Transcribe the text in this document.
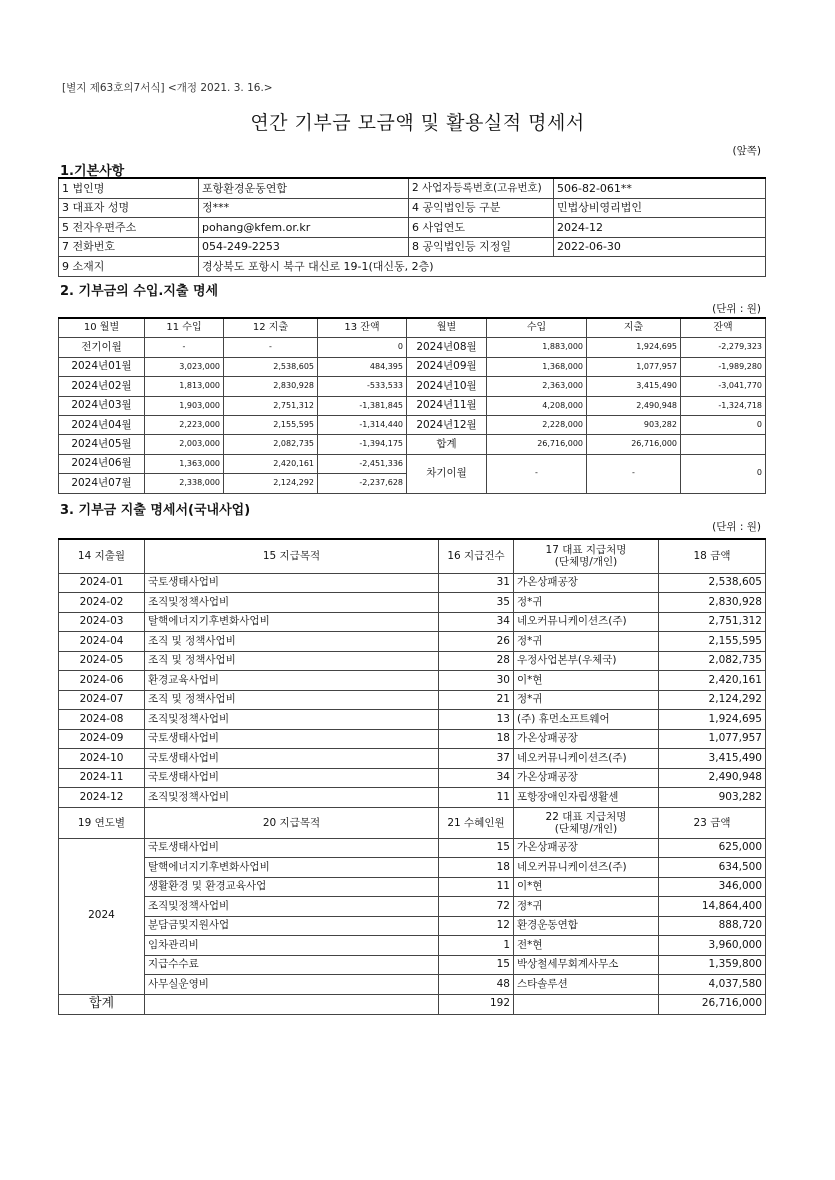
[별지 제63호의7서식] <개정 2021. 3. 16.>
연간 기부금 모금액 및 활용실적 명세서
(앞쪽)
1.기본사항
1 법인명	포항환경운동연합	2 사업자등록번호(고유번호)	506-82-061**
3 대표자 성명	정***	4 공익법인등 구분	민법상비영리법인
5 전자우편주소	pohang@kfem.or.kr	6 사업연도	2024-12
7 전화번호	054-249-2253	8 공익법인등 지정일	2022-06-30
9 소재지	경상북도 포항시 북구 대신로 19-1(대신동, 2층)		
2. 기부금의 수입.지출 명세
(단위 : 원)
10 월별	11 수입	12 지출	13 잔액	월별	수입	지출	잔액
전기이월	-	-	0	2024년08월	1,883,000	1,924,695	-2,279,323
2024년01월	3,023,000	2,538,605	484,395	2024년09월	1,368,000	1,077,957	-1,989,280
2024년02월	1,813,000	2,830,928	-533,533	2024년10월	2,363,000	3,415,490	-3,041,770
2024년03월	1,903,000	2,751,312	-1,381,845	2024년11월	4,208,000	2,490,948	-1,324,718
2024년04월	2,223,000	2,155,595	-1,314,440	2024년12월	2,228,000	903,282	0
2024년05월	2,003,000	2,082,735	-1,394,175	합계	26,716,000	26,716,000	
2024년06월	1,363,000	2,420,161	-2,451,336	차기이월	-	-	0
2024년07월	2,338,000	2,124,292	-2,237,628				
3. 기부금 지출 명세서(국내사업)
(단위 : 원)
14 지출월	15 지급목적	16 지급건수	17 대표 지급처명
(단체명/개인)	18 금액
2024-01	국토생태사업비	31	가온상패공장	2,538,605
2024-02	조직및정책사업비	35	정*귀	2,830,928
2024-03	탈핵에너지기후변화사업비	34	네오커뮤니케이션즈(주)	2,751,312
2024-04	조직 및 정책사업비	26	정*귀	2,155,595
2024-05	조직 및 정책사업비	28	우정사업본부(우체국)	2,082,735
2024-06	환경교육사업비	30	이*현	2,420,161
2024-07	조직 및 정책사업비	21	정*귀	2,124,292
2024-08	조직및정책사업비	13	(주) 휴먼소프트웨어	1,924,695
2024-09	국토생태사업비	18	가온상패공장	1,077,957
2024-10	국토생태사업비	37	네오커뮤니케이션즈(주)	3,415,490
2024-11	국토생태사업비	34	가온상패공장	2,490,948
2024-12	조직및정책사업비	11	포항장애인자립생활센	903,282
19 연도별	20 지급목적	21 수혜인원	22 대표 지급처명
(단체명/개인)	23 금액
2024	국토생태사업비	15	가온상패공장	625,000
	탈핵에너지기후변화사업비	18	네오커뮤니케이션즈(주)	634,500
	생활환경 및 환경교육사업	11	이*현	346,000
	조직및정책사업비	72	정*귀	14,864,400
	분담금및지원사업	12	환경운동연합	888,720
	임차관리비	1	전*현	3,960,000
	지급수수료	15	박상철세무회계사무소	1,359,800
	사무실운영비	48	스타솔루션	4,037,580
합계		192		26,716,000
